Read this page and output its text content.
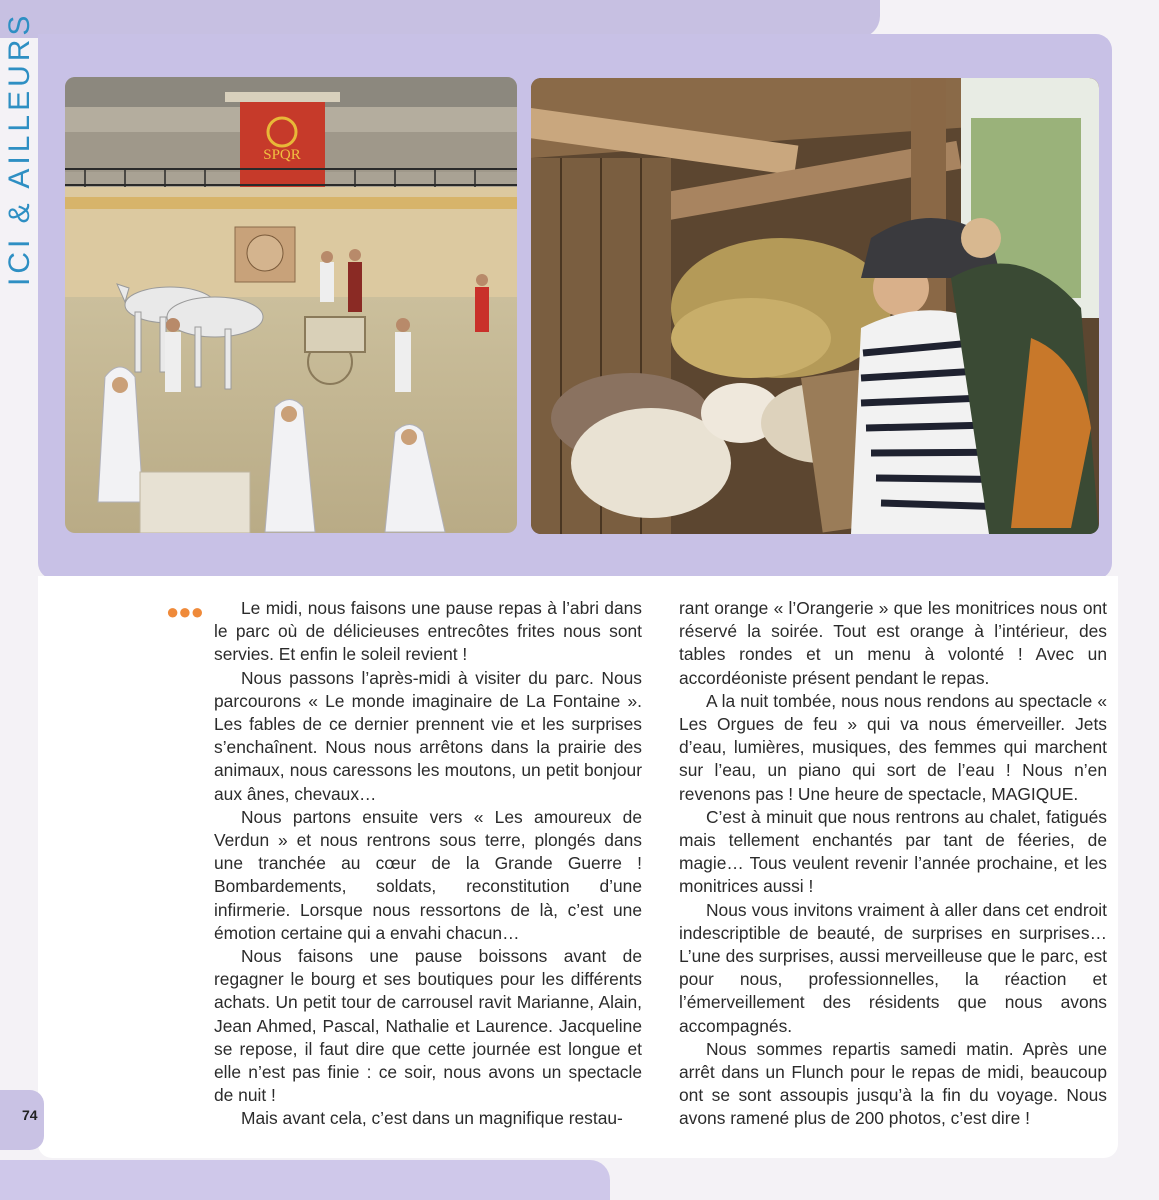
ICI & AILLEURS	SPQR
●●●	Le midi, nous faisons une pause repas à l’abri dans le parc où de délicieuses entrecôtes frites nous sont servies. Et enfin le soleil revient !

Nous passons l’après-midi à visiter du parc. Nous parcourons « Le monde imaginaire de La Fontaine ». Les fables de ce dernier prennent vie et les surprises s’enchaînent. Nous nous arrêtons dans la prairie des animaux, nous caressons les moutons, un petit bonjour aux ânes, chevaux…

Nous partons ensuite vers « Les amoureux de Verdun » et nous rentrons sous terre, plongés dans une tranchée au cœur de la Grande Guerre ! Bombardements, soldats, reconstitution d’une infirmerie. Lorsque nous ressortons de là, c’est une émotion certaine qui a envahi chacun…

Nous faisons une pause boissons avant de regagner le bourg et ses boutiques pour les différents achats. Un petit tour de carrousel ravit Marianne, Alain, Jean Ahmed, Pascal, Nathalie et Laurence. Jacqueline se repose, il faut dire que cette journée est longue et elle n’est pas finie : ce soir, nous avons un spectacle de nuit !

Mais avant cela, c’est dans un magnifique restau-

rant orange « l’Orangerie » que les monitrices nous ont réservé la soirée. Tout est orange à l’intérieur, des tables rondes et un menu à volonté ! Avec un accordéoniste présent pendant le repas.

A la nuit tombée, nous nous rendons au spectacle « Les Orgues de feu » qui va nous émerveiller. Jets d’eau, lumières, musiques, des femmes qui marchent sur l’eau, un piano qui sort de l’eau ! Nous n’en revenons pas ! Une heure de spectacle, MAGIQUE.

C’est à minuit que nous rentrons au chalet, fatigués mais tellement enchantés par tant de féeries, de magie… Tous veulent revenir l’année prochaine, et les monitrices aussi !

Nous vous invitons vraiment à aller dans cet endroit indescriptible de beauté, de surprises en surprises… L’une des surprises, aussi merveilleuse que le parc, est pour nous, professionnelles, la réaction et l’émerveillement des résidents que nous avons accompagnés.

Nous sommes repartis samedi matin. Après une arrêt dans un Flunch pour le repas de midi, beaucoup ont se sont assoupis jusqu’à la fin du voyage. Nous avons ramené plus de 200 photos, c’est dire !

74
